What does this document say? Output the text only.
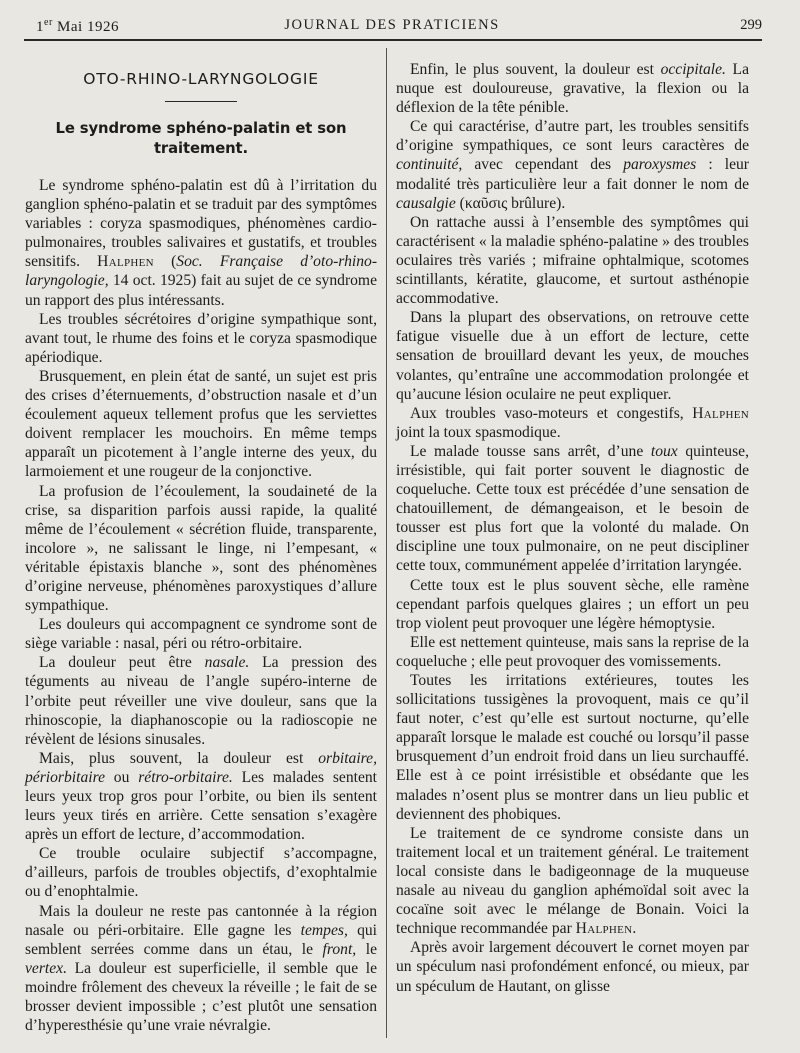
1er Mai 1926	JOURNAL DES PRATICIENS	299
OTO-RHINO-LARYNGOLOGIE
Le syndrome sphéno-palatin et son traitement.

Le syndrome sphéno-palatin est dû à l’irritation du ganglion sphéno-palatin et se traduit par des symptômes variables : coryza spasmodiques, phénomènes cardio-pulmonaires, troubles salivaires et gustatifs, et troubles sensitifs. Halphen (Soc. Française d’oto-rhino-laryngologie, 14 oct. 1925) fait au sujet de ce syndrome un rapport des plus intéressants.

Les troubles sécrétoires d’origine sympathique sont, avant tout, le rhume des foins et le coryza spasmodique apériodique.

Brusquement, en plein état de santé, un sujet est pris des crises d’éternuements, d’obstruction nasale et d’un écoulement aqueux tellement profus que les serviettes doivent remplacer les mouchoirs. En même temps apparaît un picotement à l’angle interne des yeux, du larmoiement et une rougeur de la conjonctive.

La profusion de l’écoulement, la soudaineté de la crise, sa disparition parfois aussi rapide, la qualité même de l’écoulement « sécrétion fluide, transparente, incolore », ne salissant le linge, ni l’empesant, « véritable épistaxis blanche », sont des phénomènes d’origine nerveuse, phénomènes paroxystiques d’allure sympathique.

Les douleurs qui accompagnent ce syndrome sont de siège variable : nasal, péri ou rétro-orbitaire.

La douleur peut être nasale. La pression des téguments au niveau de l’angle supéro-interne de l’orbite peut réveiller une vive douleur, sans que la rhinoscopie, la diaphanoscopie ou la radioscopie ne révèlent de lésions sinusales.

Mais, plus souvent, la douleur est orbitaire, périorbitaire ou rétro-orbitaire. Les malades sentent leurs yeux trop gros pour l’orbite, ou bien ils sentent leurs yeux tirés en arrière. Cette sensation s’exagère après un effort de lecture, d’accommodation.

Ce trouble oculaire subjectif s’accompagne, d’ailleurs, parfois de troubles objectifs, d’exophtalmie ou d’enophtalmie.

Mais la douleur ne reste pas cantonnée à la région nasale ou péri-orbitaire. Elle gagne les tempes, qui semblent serrées comme dans un étau, le front, le vertex. La douleur est superficielle, il semble que le moindre frôlement des cheveux la réveille ; le fait de se brosser devient impossible ; c’est plutôt une sensation d’hyperesthésie qu’une vraie névralgie.

Enfin, le plus souvent, la douleur est occipitale. La nuque est douloureuse, gravative, la flexion ou la déflexion de la tête pénible.

Ce qui caractérise, d’autre part, les troubles sensitifs d’origine sympathiques, ce sont leurs caractères de continuité, avec cependant des paroxysmes : leur modalité très particulière leur a fait donner le nom de causalgie (καῦσις brûlure).

On rattache aussi à l’ensemble des symptômes qui caractérisent « la maladie sphéno-palatine » des troubles oculaires très variés ; mifraine ophtalmique, scotomes scintillants, kératite, glaucome, et surtout asthénopie accommodative.

Dans la plupart des observations, on retrouve cette fatigue visuelle due à un effort de lecture, cette sensation de brouillard devant les yeux, de mouches volantes, qu’entraîne une accommodation prolongée et qu’aucune lésion oculaire ne peut expliquer.

Aux troubles vaso-moteurs et congestifs, Halphen joint la toux spasmodique.

Le malade tousse sans arrêt, d’une toux quinteuse, irrésistible, qui fait porter souvent le diagnostic de coqueluche. Cette toux est précédée d’une sensation de chatouillement, de démangeaison, et le besoin de tousser est plus fort que la volonté du malade. On discipline une toux pulmonaire, on ne peut discipliner cette toux, communément appelée d’irritation laryngée.

Cette toux est le plus souvent sèche, elle ramène cependant parfois quelques glaires ; un effort un peu trop violent peut provoquer une légère hémoptysie.

Elle est nettement quinteuse, mais sans la reprise de la coqueluche ; elle peut provoquer des vomissements.

Toutes les irritations extérieures, toutes les sollicitations tussigènes la provoquent, mais ce qu’il faut noter, c’est qu’elle est surtout nocturne, qu’elle apparaît lorsque le malade est couché ou lorsqu’il passe brusquement d’un endroit froid dans un lieu surchauffé. Elle est à ce point irrésistible et obsédante que les malades n’osent plus se montrer dans un lieu public et deviennent des phobiques.

Le traitement de ce syndrome consiste dans un traitement local et un traitement général. Le traitement local consiste dans le badigeonnage de la muqueuse nasale au niveau du ganglion aphémoïdal soit avec la cocaïne soit avec le mélange de Bonain. Voici la technique recommandée par Halphen.

Après avoir largement découvert le cornet moyen par un spéculum nasi profondément enfoncé, ou mieux, par un spéculum de Hautant, on glisse
